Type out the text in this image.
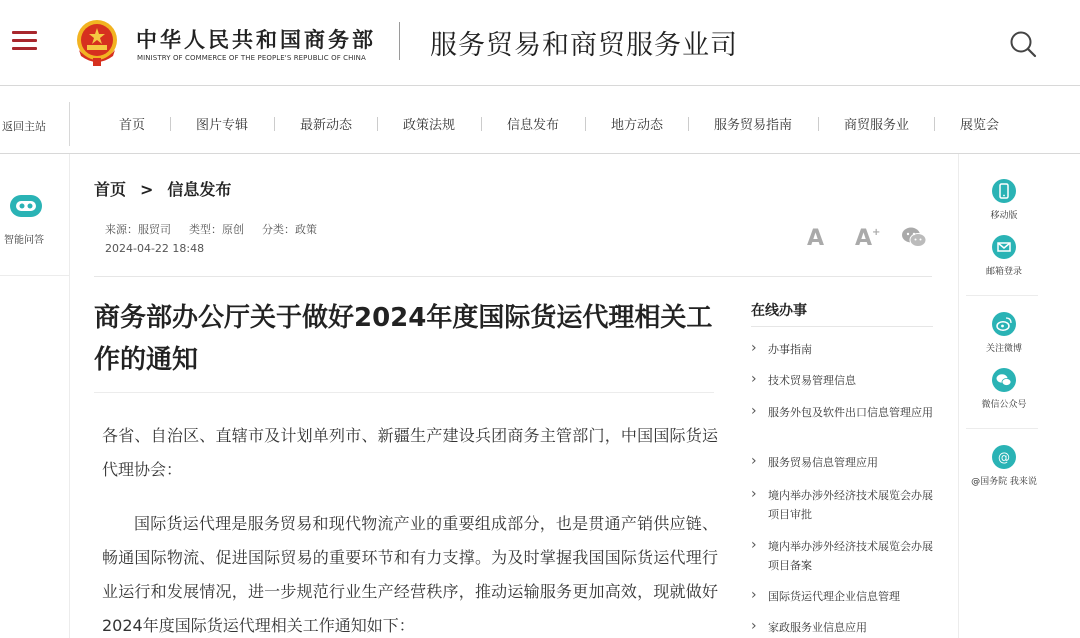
中华人民共和国商务部
MINISTRY OF COMMERCE OF THE PEOPLE'S REPUBLIC OF CHINA 服务贸易和商贸服务业司
返回主站	首页	图片专辑	最新动态	政策法规	信息发布	地方动态	服务贸易指南	商贸服务业	展览会
智能问答
首页 > 信息发布
来源：服贸司 类型：原创 分类：政策
2024-04-22 18:48	A A+
商务部办公厅关于做好2024年度国际货运代理相关工作的通知
各省、自治区、直辖市及计划单列市、新疆生产建设兵团商务主管部门，中国国际货运代理协会：
国际货运代理是服务贸易和现代物流产业的重要组成部分，也是贯通产销供应链、畅通国际物流、促进国际贸易的重要环节和有力支撑。为及时掌握我国国际货运代理行业运行和发展情况，进一步规范行业生产经营秩序，推动运输服务更加高效，现就做好2024年度国际货运代理相关工作通知如下：
在线办事
› 办事指南
› 技术贸易管理信息
› 服务外包及软件出口信息管理应用
› 服务贸易信息管理应用
› 境内举办涉外经济技术展览会办展项目审批
› 境内举办涉外经济技术展览会办展项目备案
› 国际货运代理企业信息管理
› 家政服务业信息应用
移动版
邮箱登录
关注微博
微信公众号
@
@国务院 我来说
